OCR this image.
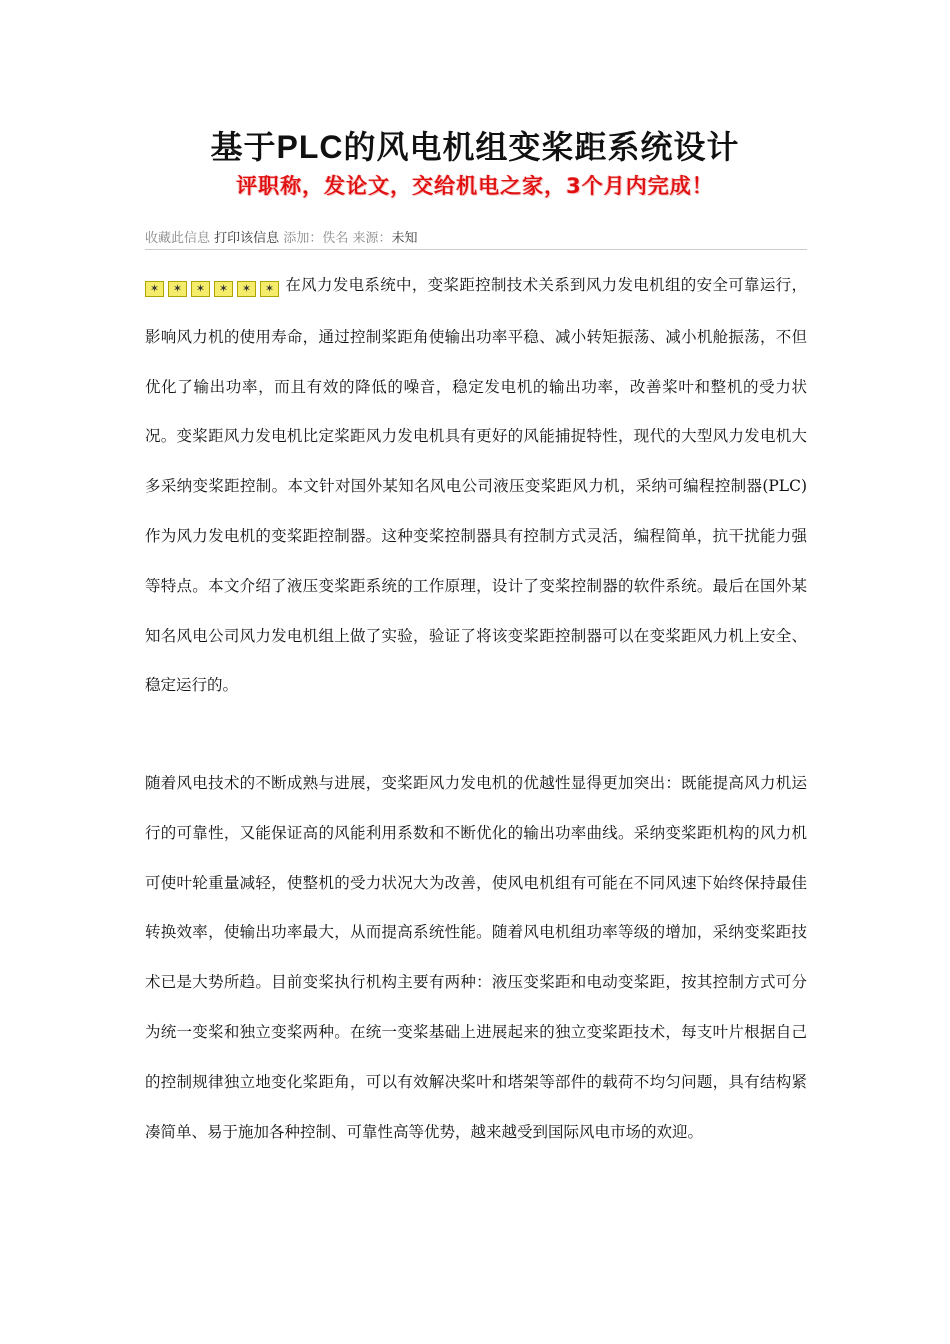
基于PLC的风电机组变桨距系统设计
评职称，发论文，交给机电之家，3个月内完成！
收藏此信息 打印该信息 添加：佚名 来源：未知

✶ ✶ ✶ ✶ ✶ ✶ 在风力发电系统中，变桨距控制技术关系到风力发电机组的安全可靠运行，影响风力机的使用寿命，通过控制桨距角使输出功率平稳、减小转矩振荡、减小机舱振荡，不但优化了输出功率，而且有效的降低的噪音，稳定发电机的输出功率，改善桨叶和整机的受力状况。变桨距风力发电机比定桨距风力发电机具有更好的风能捕捉特性，现代的大型风力发电机大多采纳变桨距控制。本文针对国外某知名风电公司液压变桨距风力机，采纳可编程控制器(PLC)作为风力发电机的变桨距控制器。这种变桨控制器具有控制方式灵活，编程简单，抗干扰能力强等特点。本文介绍了液压变桨距系统的工作原理，设计了变桨控制器的软件系统。最后在国外某知名风电公司风力发电机组上做了实验，验证了将该变桨距控制器可以在变桨距风力机上安全、稳定运行的。

随着风电技术的不断成熟与进展，变桨距风力发电机的优越性显得更加突出：既能提高风力机运行的可靠性，又能保证高的风能利用系数和不断优化的输出功率曲线。采纳变桨距机构的风力机可使叶轮重量减轻，使整机的受力状况大为改善，使风电机组有可能在不同风速下始终保持最佳转换效率，使输出功率最大，从而提高系统性能。随着风电机组功率等级的增加，采纳变桨距技术已是大势所趋。目前变桨执行机构主要有两种：液压变桨距和电动变桨距，按其控制方式可分为统一变桨和独立变桨两种。在统一变桨基础上进展起来的独立变桨距技术，每支叶片根据自己的控制规律独立地变化桨距角，可以有效解决桨叶和塔架等部件的载荷不均匀问题，具有结构紧凑简单、易于施加各种控制、可靠性高等优势，越来越受到国际风电市场的欢迎。
